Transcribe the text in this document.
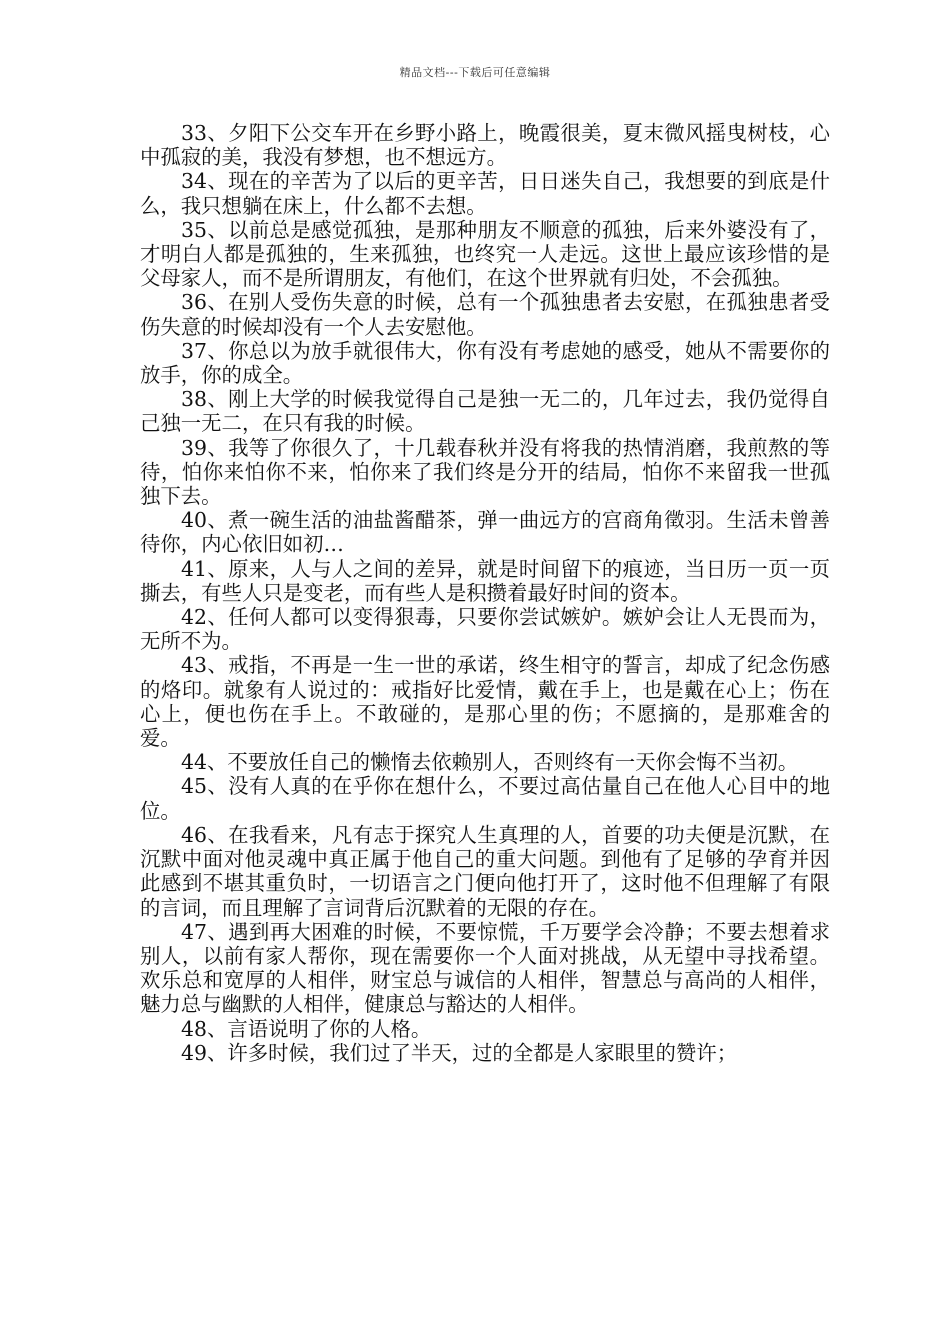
精品文档---下载后可任意编辑

33、夕阳下公交车开在乡野小路上，晚霞很美，夏末微风摇曳树枝，心中孤寂的美，我没有梦想，也不想远方。

34、现在的辛苦为了以后的更辛苦，日日迷失自己，我想要的到底是什么，我只想躺在床上，什么都不去想。

35、以前总是感觉孤独，是那种朋友不顺意的孤独，后来外婆没有了，才明白人都是孤独的，生来孤独，也终究一人走远。这世上最应该珍惜的是父母家人，而不是所谓朋友，有他们，在这个世界就有归处，不会孤独。

36、在别人受伤失意的时候，总有一个孤独患者去安慰，在孤独患者受伤失意的时候却没有一个人去安慰他。

37、你总以为放手就很伟大，你有没有考虑她的感受，她从不需要你的放手，你的成全。

38、刚上大学的时候我觉得自己是独一无二的，几年过去，我仍觉得自己独一无二，在只有我的时候。

39、我等了你很久了，十几载春秋并没有将我的热情消磨，我煎熬的等待，怕你来怕你不来，怕你来了我们终是分开的结局，怕你不来留我一世孤独下去。

40、煮一碗生活的油盐酱醋茶，弹一曲远方的宫商角徵羽。生活未曾善待你，内心依旧如初…

41、原来，人与人之间的差异，就是时间留下的痕迹，当日历一页一页撕去，有些人只是变老，而有些人是积攒着最好时间的资本。

42、任何人都可以变得狠毒，只要你尝试嫉妒。嫉妒会让人无畏而为，无所不为。

43、戒指，不再是一生一世的承诺，终生相守的誓言，却成了纪念伤感的烙印。就象有人说过的：戒指好比爱情，戴在手上，也是戴在心上；伤在心上，便也伤在手上。不敢碰的，是那心里的伤；不愿摘的，是那难舍的爱。

44、不要放任自己的懒惰去依赖别人，否则终有一天你会悔不当初。

45、没有人真的在乎你在想什么，不要过高估量自己在他人心目中的地位。

46、在我看来，凡有志于探究人生真理的人，首要的功夫便是沉默，在沉默中面对他灵魂中真正属于他自己的重大问题。到他有了足够的孕育并因此感到不堪其重负时，一切语言之门便向他打开了，这时他不但理解了有限的言词，而且理解了言词背后沉默着的无限的存在。

47、遇到再大困难的时候，不要惊慌，千万要学会冷静；不要去想着求别人，以前有家人帮你，现在需要你一个人面对挑战，从无望中寻找希望。欢乐总和宽厚的人相伴，财宝总与诚信的人相伴，智慧总与高尚的人相伴，魅力总与幽默的人相伴，健康总与豁达的人相伴。

48、言语说明了你的人格。

49、许多时候，我们过了半天，过的全都是人家眼里的赞许；
